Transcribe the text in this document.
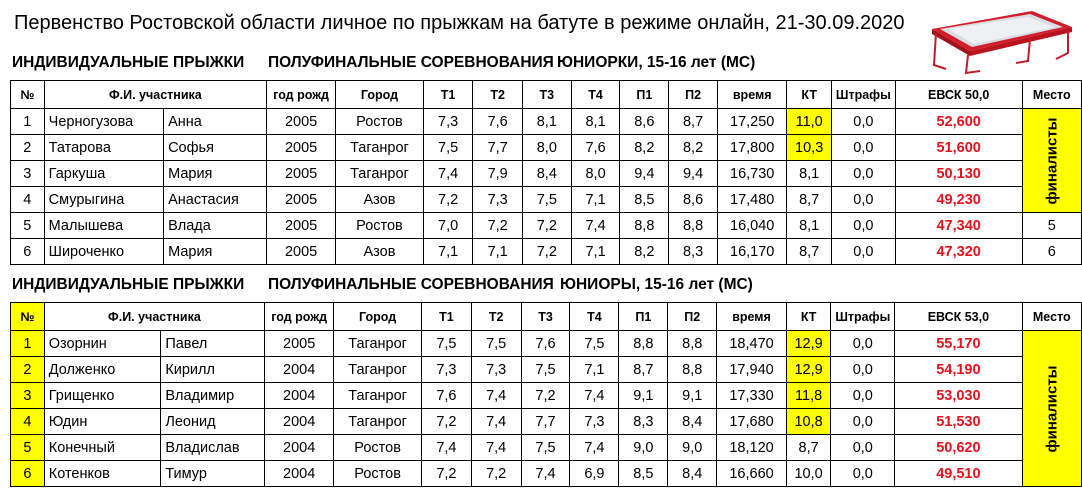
Первенство Ростовской области личное по прыжкам на батуте в режиме онлайн, 21-30.09.2020
ИНДИВИДУАЛЬНЫЕ ПРЫЖКИ ПОЛУФИНАЛЬНЫЕ СОРЕВНОВАНИЯ ЮНИОРКИ, 15-16 лет (МС)
№	Ф.И. участника		год рожд	Город	Т1	Т2	Т3	Т4	П1	П2	время	КТ	Штрафы	ЕВСК 50,0	Место
1	Черногузова	Анна	2005	Ростов	7,3	7,6	8,1	8,1	8,6	8,7	17,250	11,0	0,0	52,600	финалисты

2	Татарова	Софья	2005	Таганрог	7,5	7,7	8,0	7,6	8,2	8,2	17,800	10,3	0,0	51,600	
3	Гаркуша	Мария	2005	Таганрог	7,4	7,9	8,4	8,0	9,4	9,4	16,730	8,1	0,0	50,130	
4	Смурыгина	Анастасия	2005	Азов	7,2	7,3	7,5	7,1	8,5	8,6	17,480	8,7	0,0	49,230	
5	Малышева	Влада	2005	Ростов	7,0	7,2	7,2	7,4	8,8	8,8	16,040	8,1	0,0	47,340	5
6	Широченко	Мария	2005	Азов	7,1	7,1	7,2	7,1	8,2	8,3	16,170	8,7	0,0	47,320	6
ИНДИВИДУАЛЬНЫЕ ПРЫЖКИ ПОЛУФИНАЛЬНЫЕ СОРЕВНОВАНИЯ ЮНИОРЫ, 15-16 лет (МС)
№	Ф.И. участника		год рожд	Город	Т1	Т2	Т3	Т4	П1	П2	время	КТ	Штрафы	ЕВСК 53,0	Место
1	Озорнин	Павел	2005	Таганрог	7,5	7,5	7,6	7,5	8,8	8,8	18,470	12,9	0,0	55,170	финалисты

2	Долженко	Кирилл	2004	Таганрог	7,3	7,3	7,5	7,1	8,7	8,8	17,940	12,9	0,0	54,190	
3	Грищенко	Владимир	2004	Таганрог	7,6	7,4	7,2	7,4	9,1	9,1	17,330	11,8	0,0	53,030	
4	Юдин	Леонид	2004	Таганрог	7,2	7,4	7,7	7,3	8,3	8,4	17,680	10,8	0,0	51,530	
5	Конечный	Владислав	2004	Ростов	7,4	7,4	7,5	7,4	9,0	9,0	18,120	8,7	0,0	50,620	
6	Котенков	Тимур	2004	Ростов	7,2	7,2	7,4	6,9	8,5	8,4	16,660	10,0	0,0	49,510	
